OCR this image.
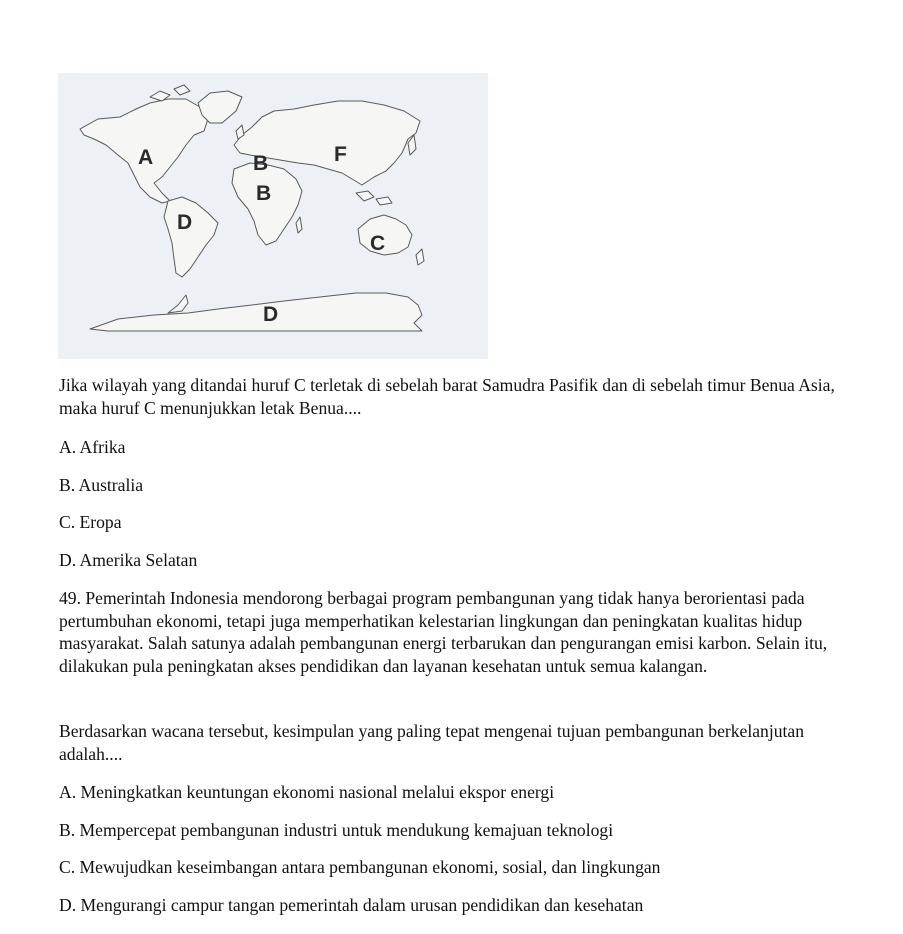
A	B	F
B
D
C
D

Jika wilayah yang ditandai huruf C terletak di sebelah barat Samudra Pasifik dan di sebelah timur Benua Asia, maka huruf C menunjukkan letak Benua....

A. Afrika

B. Australia

C. Eropa

D. Amerika Selatan

49. Pemerintah Indonesia mendorong berbagai program pembangunan yang tidak hanya berorientasi pada pertumbuhan ekonomi, tetapi juga memperhatikan kelestarian lingkungan dan peningkatan kualitas hidup masyarakat. Salah satunya adalah pembangunan energi terbarukan dan pengurangan emisi karbon. Selain itu, dilakukan pula peningkatan akses pendidikan dan layanan kesehatan untuk semua kalangan.

Berdasarkan wacana tersebut, kesimpulan yang paling tepat mengenai tujuan pembangunan berkelanjutan adalah....

A. Meningkatkan keuntungan ekonomi nasional melalui ekspor energi

B. Mempercepat pembangunan industri untuk mendukung kemajuan teknologi

C. Mewujudkan keseimbangan antara pembangunan ekonomi, sosial, dan lingkungan

D. Mengurangi campur tangan pemerintah dalam urusan pendidikan dan kesehatan
